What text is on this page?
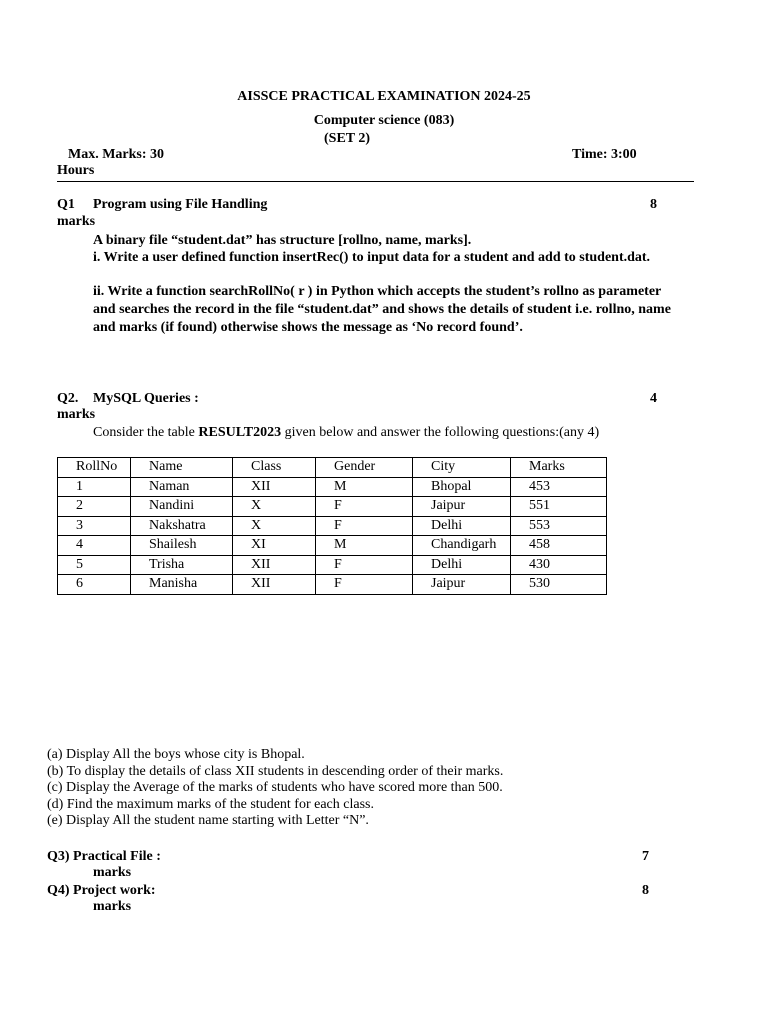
AISSCE PRACTICAL EXAMINATION 2024-25
Computer science (083)
(SET 2)
Max. Marks: 30	Time: 3:00
Hours
Q1 Program using File Handling	8
marks
A binary file “student.dat” has structure [rollno, name, marks].
i. Write a user defined function insertRec() to input data for a student and add to student.dat.
ii. Write a function searchRollNo( r ) in Python which accepts the student’s rollno as parameter and searches the record in the file “student.dat” and shows the details of student i.e. rollno, name and marks (if found) otherwise shows the message as ‘No record found’.
Q2. MySQL Queries :	4
marks
Consider the table RESULT2023 given below and answer the following questions:(any 4)
RollNo	Name	Class	Gender	City	Marks
1	Naman	XII	M	Bhopal	453
2	Nandini	X	F	Jaipur	551
3	Nakshatra	X	F	Delhi	553
4	Shailesh	XI	M	Chandigarh	458
5	Trisha	XII	F	Delhi	430
6	Manisha	XII	F	Jaipur	530
(a) Display All the boys whose city is Bhopal.
(b) To display the details of class XII students in descending order of their marks.
(c) Display the Average of the marks of students who have scored more than 500.
(d) Find the maximum marks of the student for each class.
(e) Display All the student name starting with Letter “N”.
Q3) Practical File :	7
marks
Q4) Project work:	8
marks
